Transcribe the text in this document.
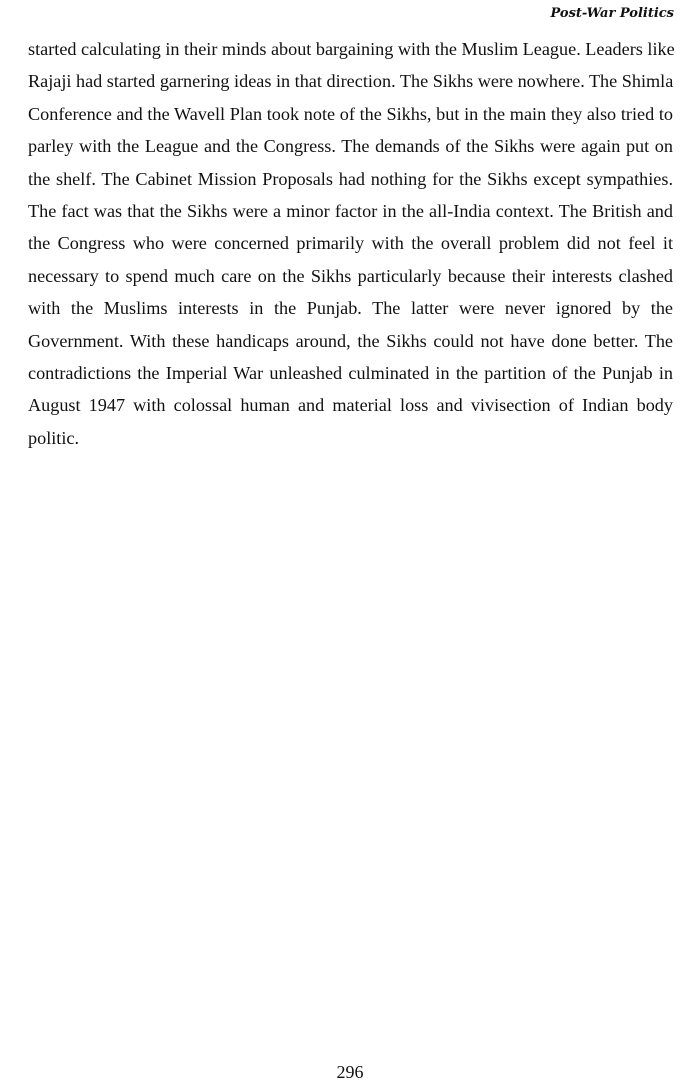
Post-War Politics
started calculating in their minds about bargaining with the Muslim League. Leaders like
Rajaji had started garnering ideas in that direction. The Sikhs were nowhere. The Shimla
Conference and the Wavell Plan took note of the Sikhs, but in the main they also tried to
parley with the League and the Congress. The demands of the Sikhs were again put on
the shelf. The Cabinet Mission Proposals had nothing for the Sikhs except sympathies.
The fact was that the Sikhs were a minor factor in the all-India context. The British and
the Congress who were concerned primarily with the overall problem did not feel it
necessary to spend much care on the Sikhs particularly because their interests clashed
with the Muslims interests in the Punjab. The latter were never ignored by the
Government. With these handicaps around, the Sikhs could not have done better. The
contradictions the Imperial War unleashed culminated in the partition of the Punjab in
August 1947 with colossal human and material loss and vivisection of Indian body
politic.
296
